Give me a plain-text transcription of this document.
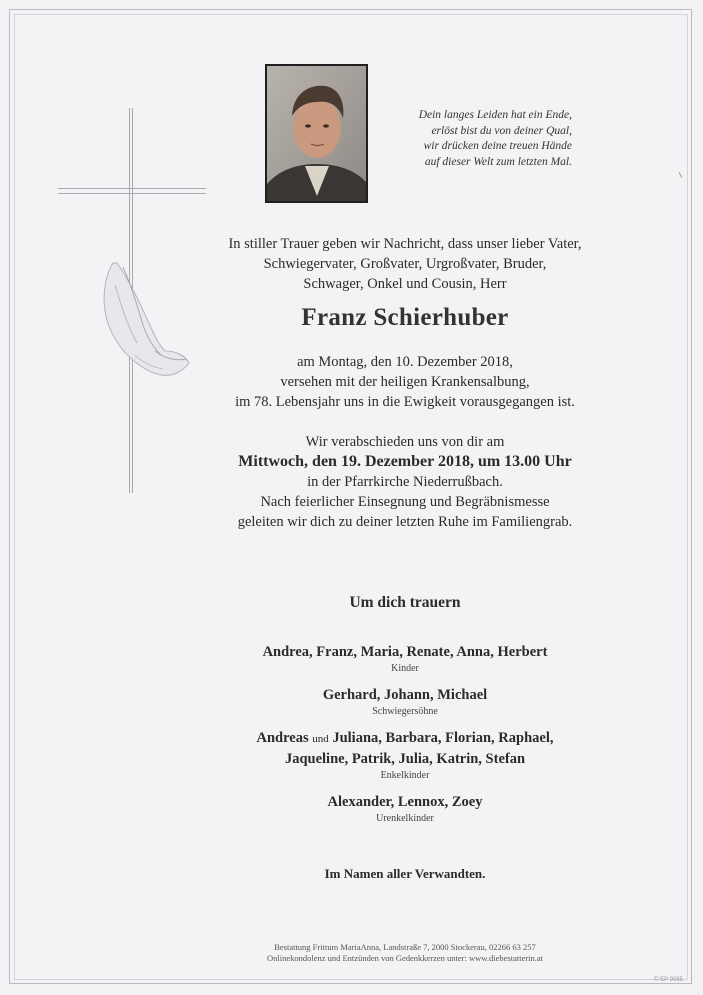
Dein langes Leiden hat ein Ende,
erlöst bist du von deiner Qual,
wir drücken deine treuen Hände
auf dieser Welt zum letzten Mal.
In stiller Trauer geben wir Nachricht, dass unser lieber Vater,
Schwiegervater, Großvater, Urgroßvater, Bruder,
Schwager, Onkel und Cousin, Herr
Franz Schierhuber
am Montag, den 10. Dezember 2018,
versehen mit der heiligen Krankensalbung,
im 78. Lebensjahr uns in die Ewigkeit vorausgegangen ist.
Wir verabschieden uns von dir am
Mittwoch, den 19. Dezember 2018, um 13.00 Uhr
in der Pfarrkirche Niederrußbach.
Nach feierlicher Einsegnung und Begräbnismesse
geleiten wir dich zu deiner letzten Ruhe im Familiengrab.
Um dich trauern
Andrea, Franz, Maria, Renate, Anna, Herbert
Kinder
Gerhard, Johann, Michael
Schwiegersöhne
Andreas und Juliana, Barbara, Florian, Raphael,
Jaqueline, Patrik, Julia, Katrin, Stefan
Enkelkinder
Alexander, Lennox, Zoey
Urenkelkinder
Im Namen aller Verwandten.
Bestattung Frittum MariaAnna, Landstraße 7, 2000 Stockerau, 02266 63 257
Onlinekondolenz und Entzünden von Gedenkkerzen unter: www.diebestatterin.at
© EP 9065
